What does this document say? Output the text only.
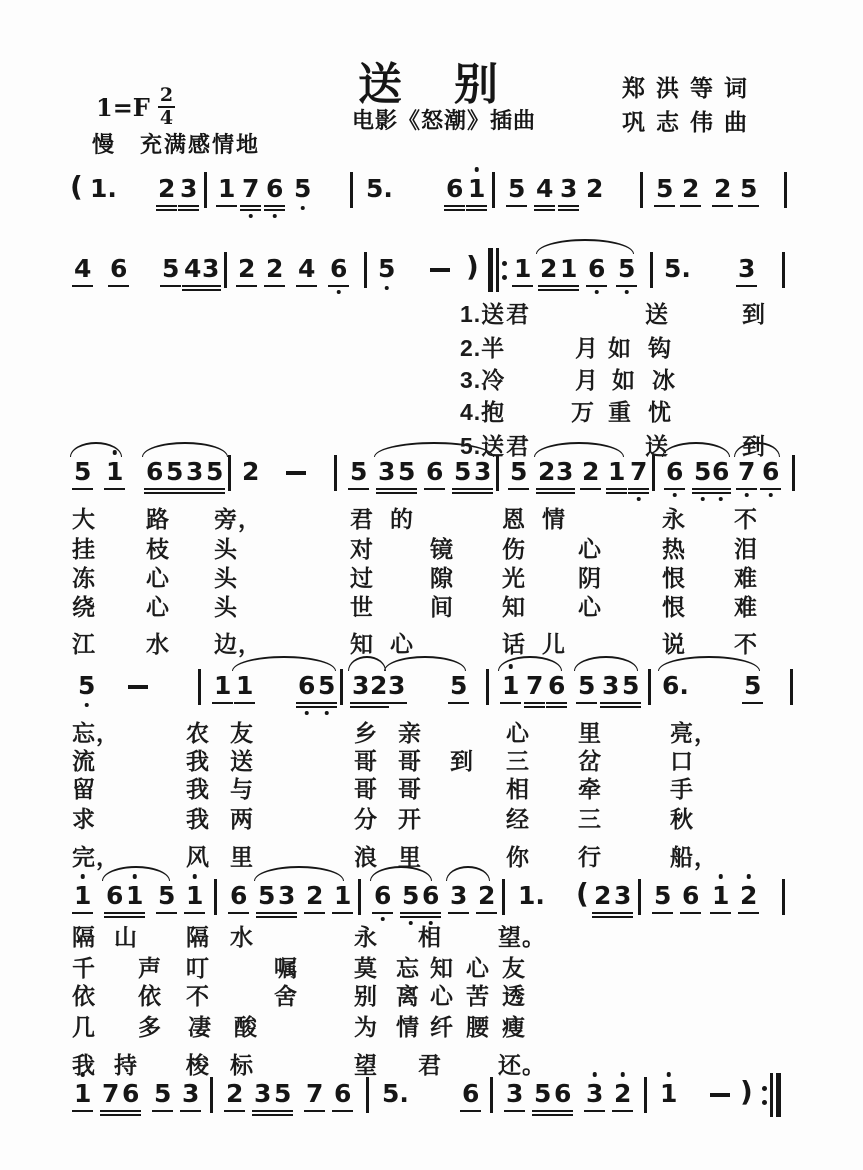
送别
电影《怒潮》插曲
$1=F \frac{2}{4}$
慢　充满感情地
郑洪等词
巩志伟曲
( 1. 2 3 1 7 6 5 5. 6 1 5 4 3 2 5 2 2 5
4 6 5 4 3 2 2 4 6 5	) 1 2 1 6 5 5. 3
5 1 6 5 3 5 2	5 3 5 6 5 3 5 2 3 2 1 7 6 5 6 7 6
5	1 1 6 5 3 2 3 5 1 7 6 5 3 5 6. 5
1 6 1 5 1 6 5 3 2 1 6 5 6 3 2 1. ( 2 3 5 6 1 2
1 7 6 5 3 2 3 5 7 6 5. 6 3 5 6 3 2 1 )
1.送 君	送	到
2.半	月 如 钩
3.冷	月 如 冰
4.抱	万 重 忧
5.送 君	送	到
大 路 旁，	君 的	恩 情	永 不
挂 枝 头	对 镜 伤 心	热 泪
冻 心 头	过 隙 光 阴	恨 难
绕 心 头	世 间 知 心	恨 难
江 水 边，	知 心	话 儿	说 不
忘，	农 友	乡 亲	心 里	亮，
流	我 送	哥 哥 到 三 岔	口
留	我 与	哥 哥	相 牵	手
求	我 两	分 开	经 三	秋
完，	风 里	浪 里	你 行	船，
隔 山 隔 水	永 相 望。
千 声 叮	嘱 莫 忘 知 心 友
依 依 不	舍 别 离 心 苦 透
几 多 凄 酸	为 情 纤 腰 瘦
我 持 梭 标	望 君 还。
